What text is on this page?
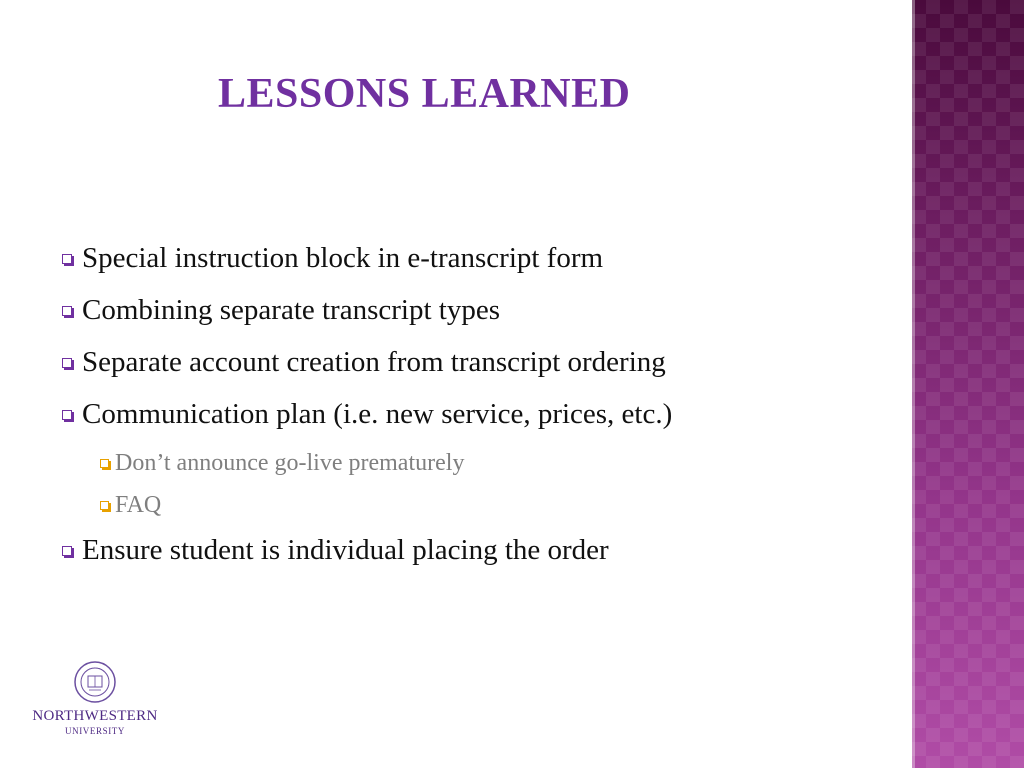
LESSONS LEARNED
Special instruction block in e-transcript form
Combining separate transcript types
Separate account creation from transcript ordering
Communication plan (i.e. new service, prices, etc.)
Don’t announce go-live prematurely
FAQ
Ensure student is individual placing the order
NORTHWESTERN
UNIVERSITY
